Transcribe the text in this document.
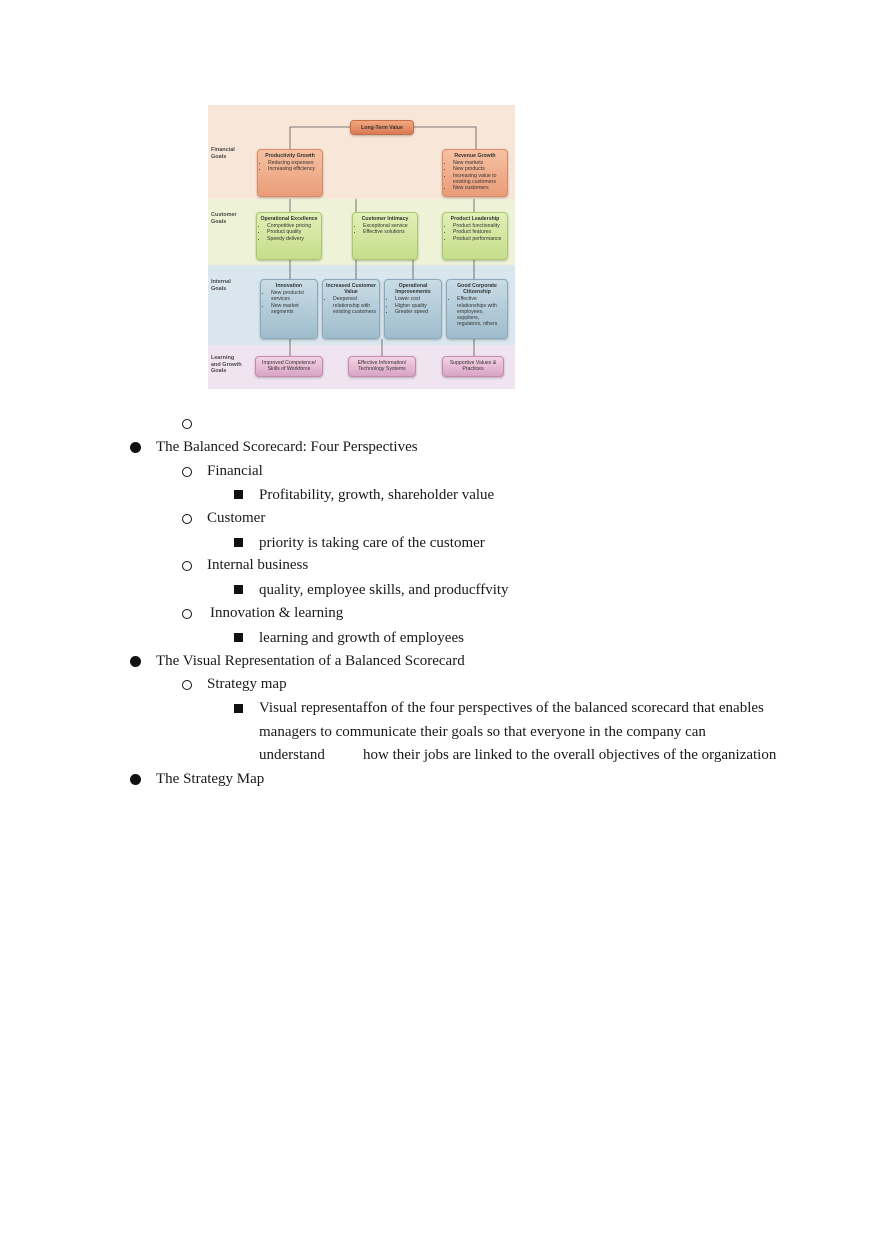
Financial Goals
Customer Goals
Internal Goals
Learning and Growth Goals
Long-Term Value
Productivity Growth
• Reducing expenses
• Increasing efficiency
Revenue Growth
• New markets
• New products
• Increasing value to existing customers
• New customers
Operational Excellence
• Competitive pricing
• Product quality
• Speedy delivery
Customer Intimacy
• Exceptional service
• Effective solutions
Product Leadership
• Product functionality
• Product features
• Product performance
Innovation
• New products/ services
• New market segments
Increased Customer Value
• Deepened relationship with existing customers
Operational Improvements
• Lower cost
• Higher quality
• Greater speed
Good Corporate Citizenship
• Effective relationships with employees, suppliers, regulators, others
Improved Competence/ Skills of Workforce
Effective Information/ Technology Systems
Supportive Values & Practices
The Balanced Scorecard: Four Perspectives
Financial
Profitability, growth, shareholder value
Customer
priority is taking care of the customer
Internal business
quality, employee skills, and producffvity
Innovation & learning
learning and growth of employees
The Visual Representation of a Balanced Scorecard
Strategy map
Visual representaffon of the four perspectives of the balanced scorecard that enables
managers to communicate their goals so that everyone in the company can
understand	how their jobs are linked to the overall objectives of the organization
The Strategy Map
